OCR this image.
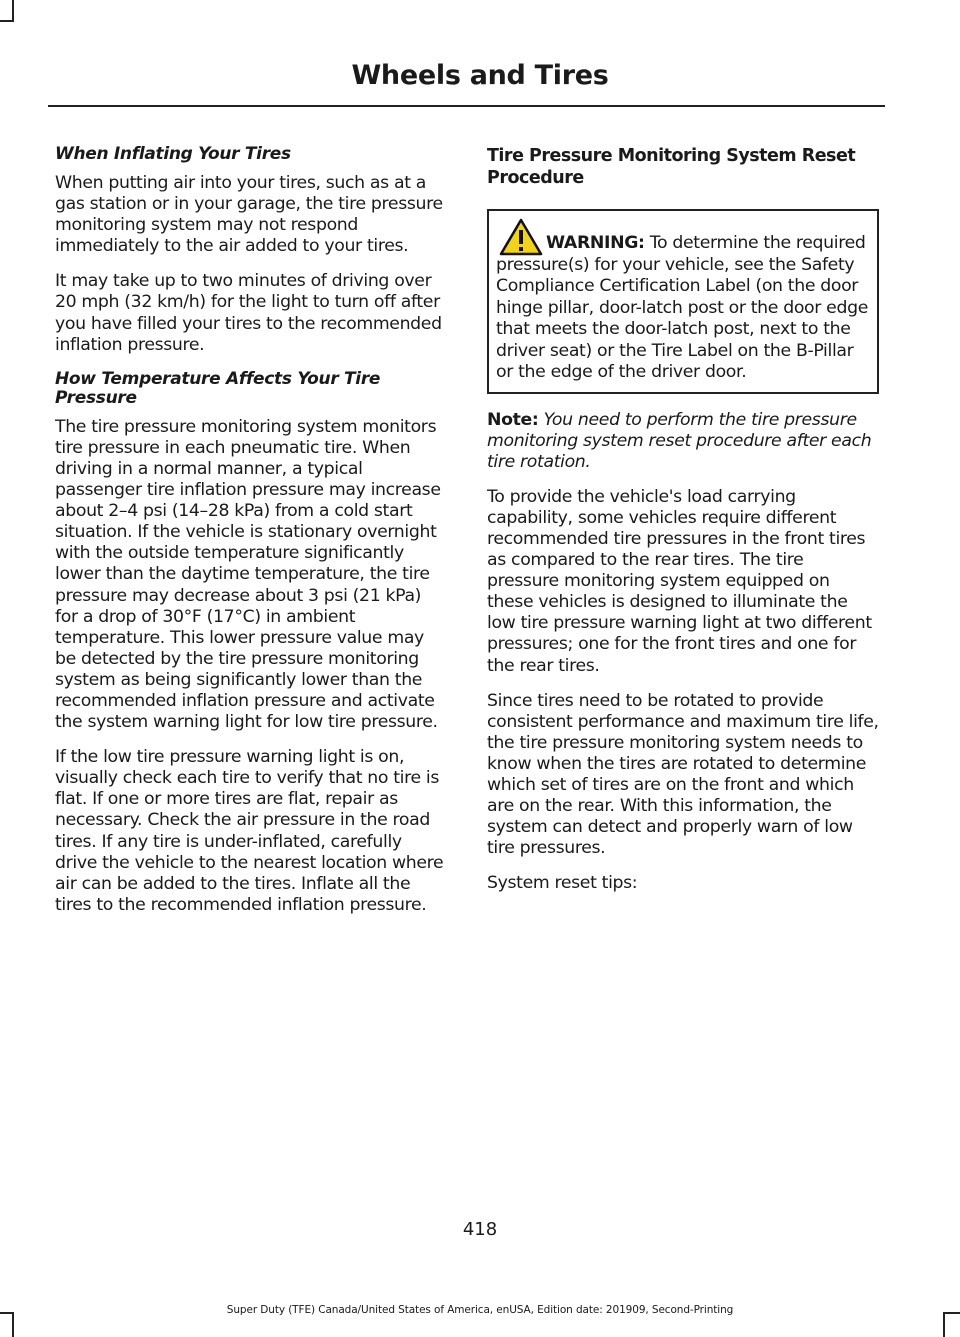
Wheels and Tires
When Inflating Your Tires

When putting air into your tires, such as at a gas station or in your garage, the tire pressure monitoring system may not respond immediately to the air added to your tires.

It may take up to two minutes of driving over 20 mph (32 km/h) for the light to turn off after you have filled your tires to the recommended inflation pressure.

How Temperature Affects Your Tire Pressure

The tire pressure monitoring system monitors tire pressure in each pneumatic tire. When driving in a normal manner, a typical passenger tire inflation pressure may increase about 2–4 psi (14–28 kPa) from a cold start situation. If the vehicle is stationary overnight with the outside temperature significantly lower than the daytime temperature, the tire pressure may decrease about 3 psi (21 kPa) for a drop of 30°F (17°C) in ambient temperature. This lower pressure value may be detected by the tire pressure monitoring system as being significantly lower than the recommended inflation pressure and activate the system warning light for low tire pressure.

If the low tire pressure warning light is on, visually check each tire to verify that no tire is flat. If one or more tires are flat, repair as necessary. Check the air pressure in the road tires. If any tire is under-inflated, carefully drive the vehicle to the nearest location where air can be added to the tires. Inflate all the tires to the recommended inflation pressure.

Tire Pressure Monitoring System Reset Procedure
WARNING: To determine the required pressure(s) for your vehicle, see the Safety Compliance Certification Label (on the door hinge pillar, door-latch post or the door edge that meets the door-latch post, next to the driver seat) or the Tire Label on the B-Pillar or the edge of the driver door.

Note: You need to perform the tire pressure monitoring system reset procedure after each tire rotation.

To provide the vehicle's load carrying capability, some vehicles require different recommended tire pressures in the front tires as compared to the rear tires. The tire pressure monitoring system equipped on these vehicles is designed to illuminate the low tire pressure warning light at two different pressures; one for the front tires and one for the rear tires.

Since tires need to be rotated to provide consistent performance and maximum tire life, the tire pressure monitoring system needs to know when the tires are rotated to determine which set of tires are on the front and which are on the rear. With this information, the system can detect and properly warn of low tire pressures.

System reset tips:

418
Super Duty (TFE) Canada/United States of America, enUSA, Edition date: 201909, Second-Printing
